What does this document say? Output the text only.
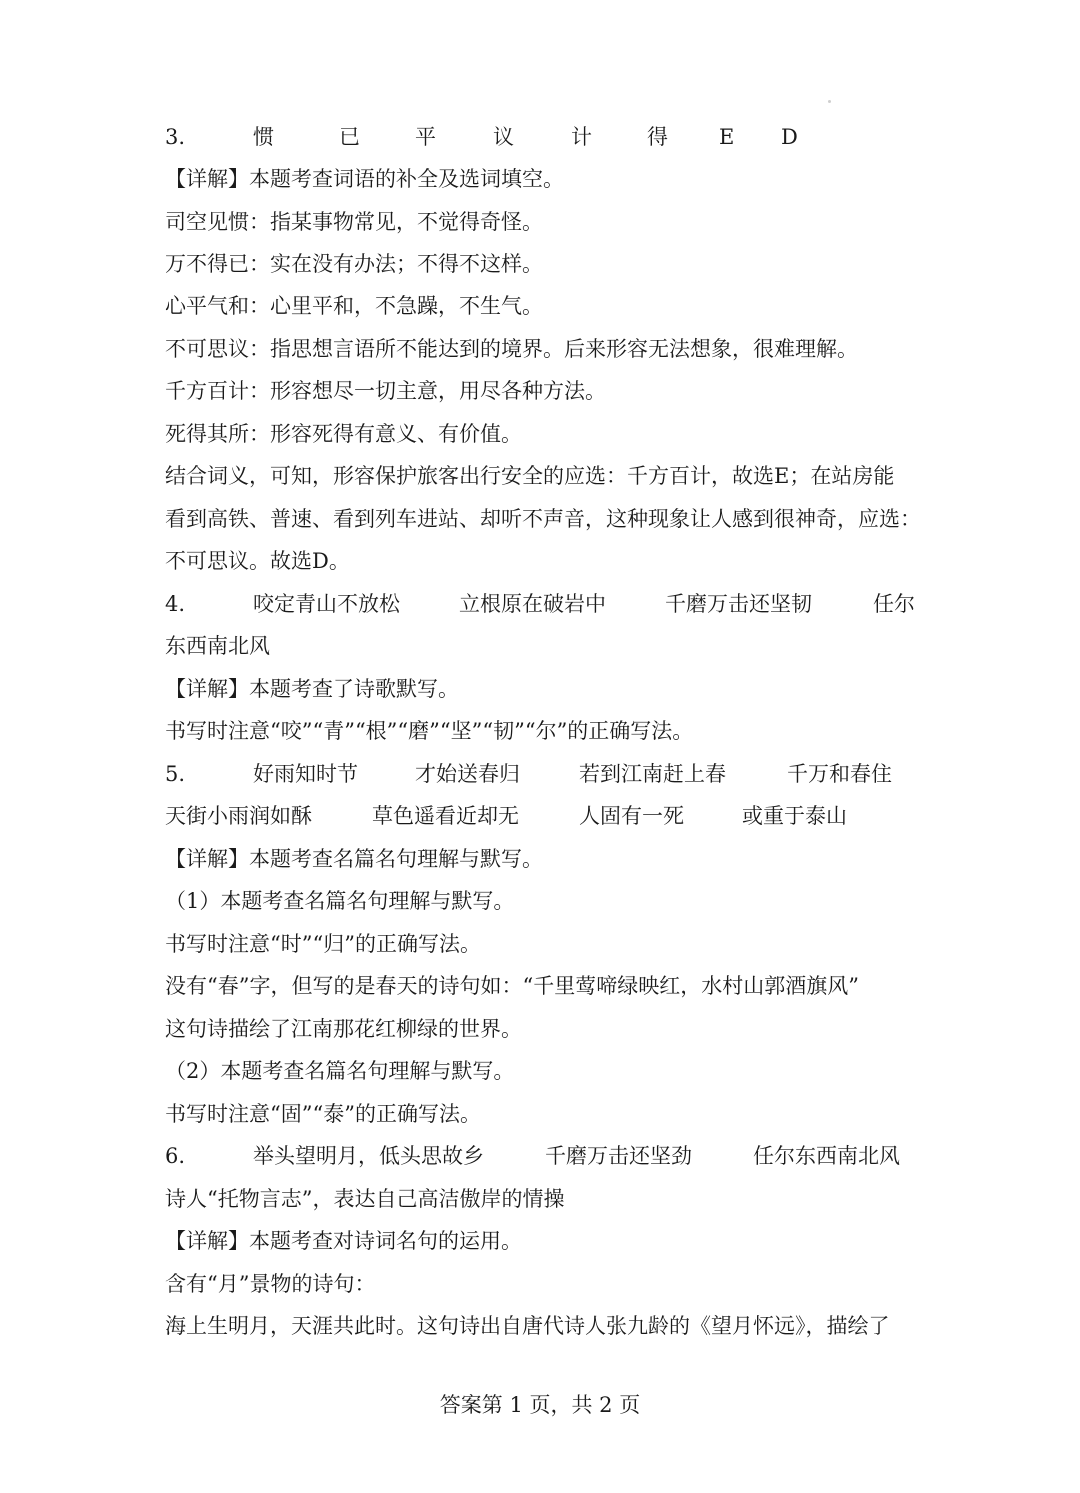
3.	惯	已	平	议	计	得	E	D
【详解】本题考查词语的补全及选词填空。
司空见惯：指某事物常见，不觉得奇怪。
万不得已：实在没有办法；不得不这样。
心平气和：心里平和，不急躁，不生气。
不可思议：指思想言语所不能达到的境界。后来形容无法想象，很难理解。
千方百计：形容想尽一切主意，用尽各种方法。
死得其所：形容死得有意义、有价值。
结合词义，可知，形容保护旅客出行安全的应选：千方百计，故选E；在站房能
看到高铁、普速、看到列车进站、却听不声音，这种现象让人感到很神奇，应选：
不可思议。故选D。
4.	咬定青山不放松	立根原在破岩中	千磨万击还坚韧	任尔
东西南北风
【详解】本题考查了诗歌默写。
书写时注意“咬”“青”“根”“磨”“坚”“韧”“尔”的正确写法。
5.	好雨知时节	才始送春归	若到江南赶上春	千万和春住
天街小雨润如酥	草色遥看近却无	人固有一死	或重于泰山
【详解】本题考查名篇名句理解与默写。
（1）本题考查名篇名句理解与默写。
书写时注意“时”“归”的正确写法。
没有“春”字，但写的是春天的诗句如：“千里莺啼绿映红，水村山郭酒旗风”
这句诗描绘了江南那花红柳绿的世界。
（2）本题考查名篇名句理解与默写。
书写时注意“固”“泰”的正确写法。
6.	举头望明月，低头思故乡	千磨万击还坚劲	任尔东西南北风
诗人“托物言志”，表达自己高洁傲岸的情操
【详解】本题考查对诗词名句的运用。
含有“月”景物的诗句：
海上生明月，天涯共此时。这句诗出自唐代诗人张九龄的《望月怀远》，描绘了
答案第 1 页，共 2 页
